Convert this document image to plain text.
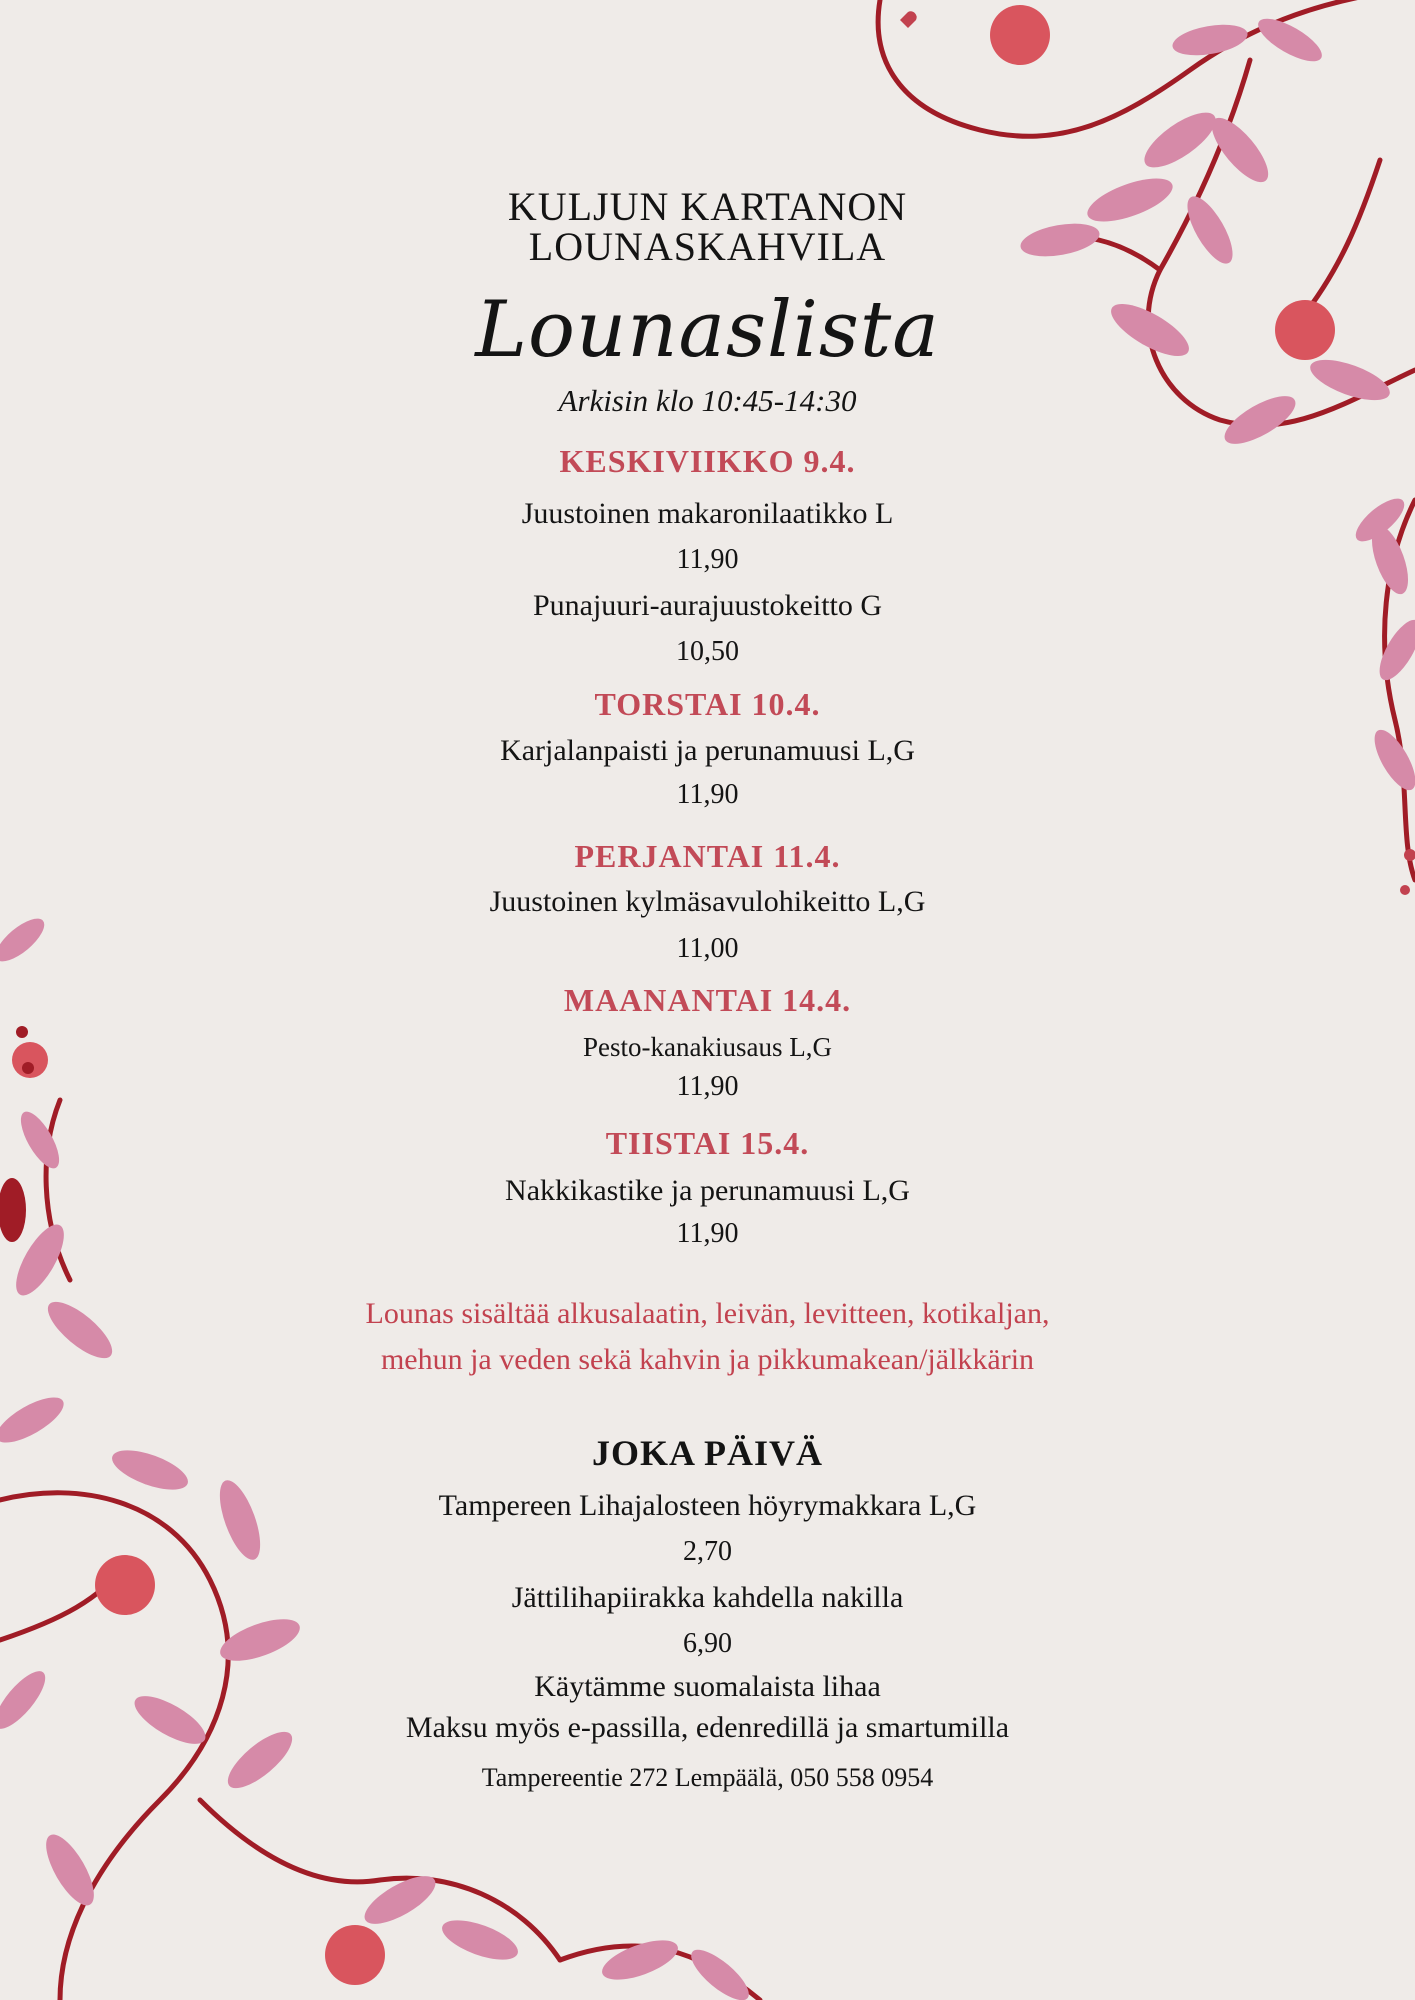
KULJUN KARTANON
LOUNASKAHVILA
Lounaslista
Arkisin klo 10:45-14:30
KESKIVIIKKO 9.4.
Juustoinen makaronilaatikko L
11,90
Punajuuri-aurajuustokeitto G
10,50
TORSTAI 10.4.
Karjalanpaisti ja perunamuusi L,G
11,90
PERJANTAI 11.4.
Juustoinen kylmäsavulohikeitto L,G
11,00
MAANANTAI 14.4.
Pesto-kanakiusaus L,G
11,90
TIISTAI 15.4.
Nakkikastike ja perunamuusi L,G
11,90
Lounas sisältää alkusalaatin, leivän, levitteen, kotikaljan,
mehun ja veden sekä kahvin ja pikkumakean/jälkkärin
JOKA PÄIVÄ
Tampereen Lihajalosteen höyrymakkara L,G
2,70
Jättilihapiirakka kahdella nakilla
6,90
Käytämme suomalaista lihaa
Maksu myös e-passilla, edenredillä ja smartumilla
Tampereentie 272 Lempäälä, 050 558 0954
